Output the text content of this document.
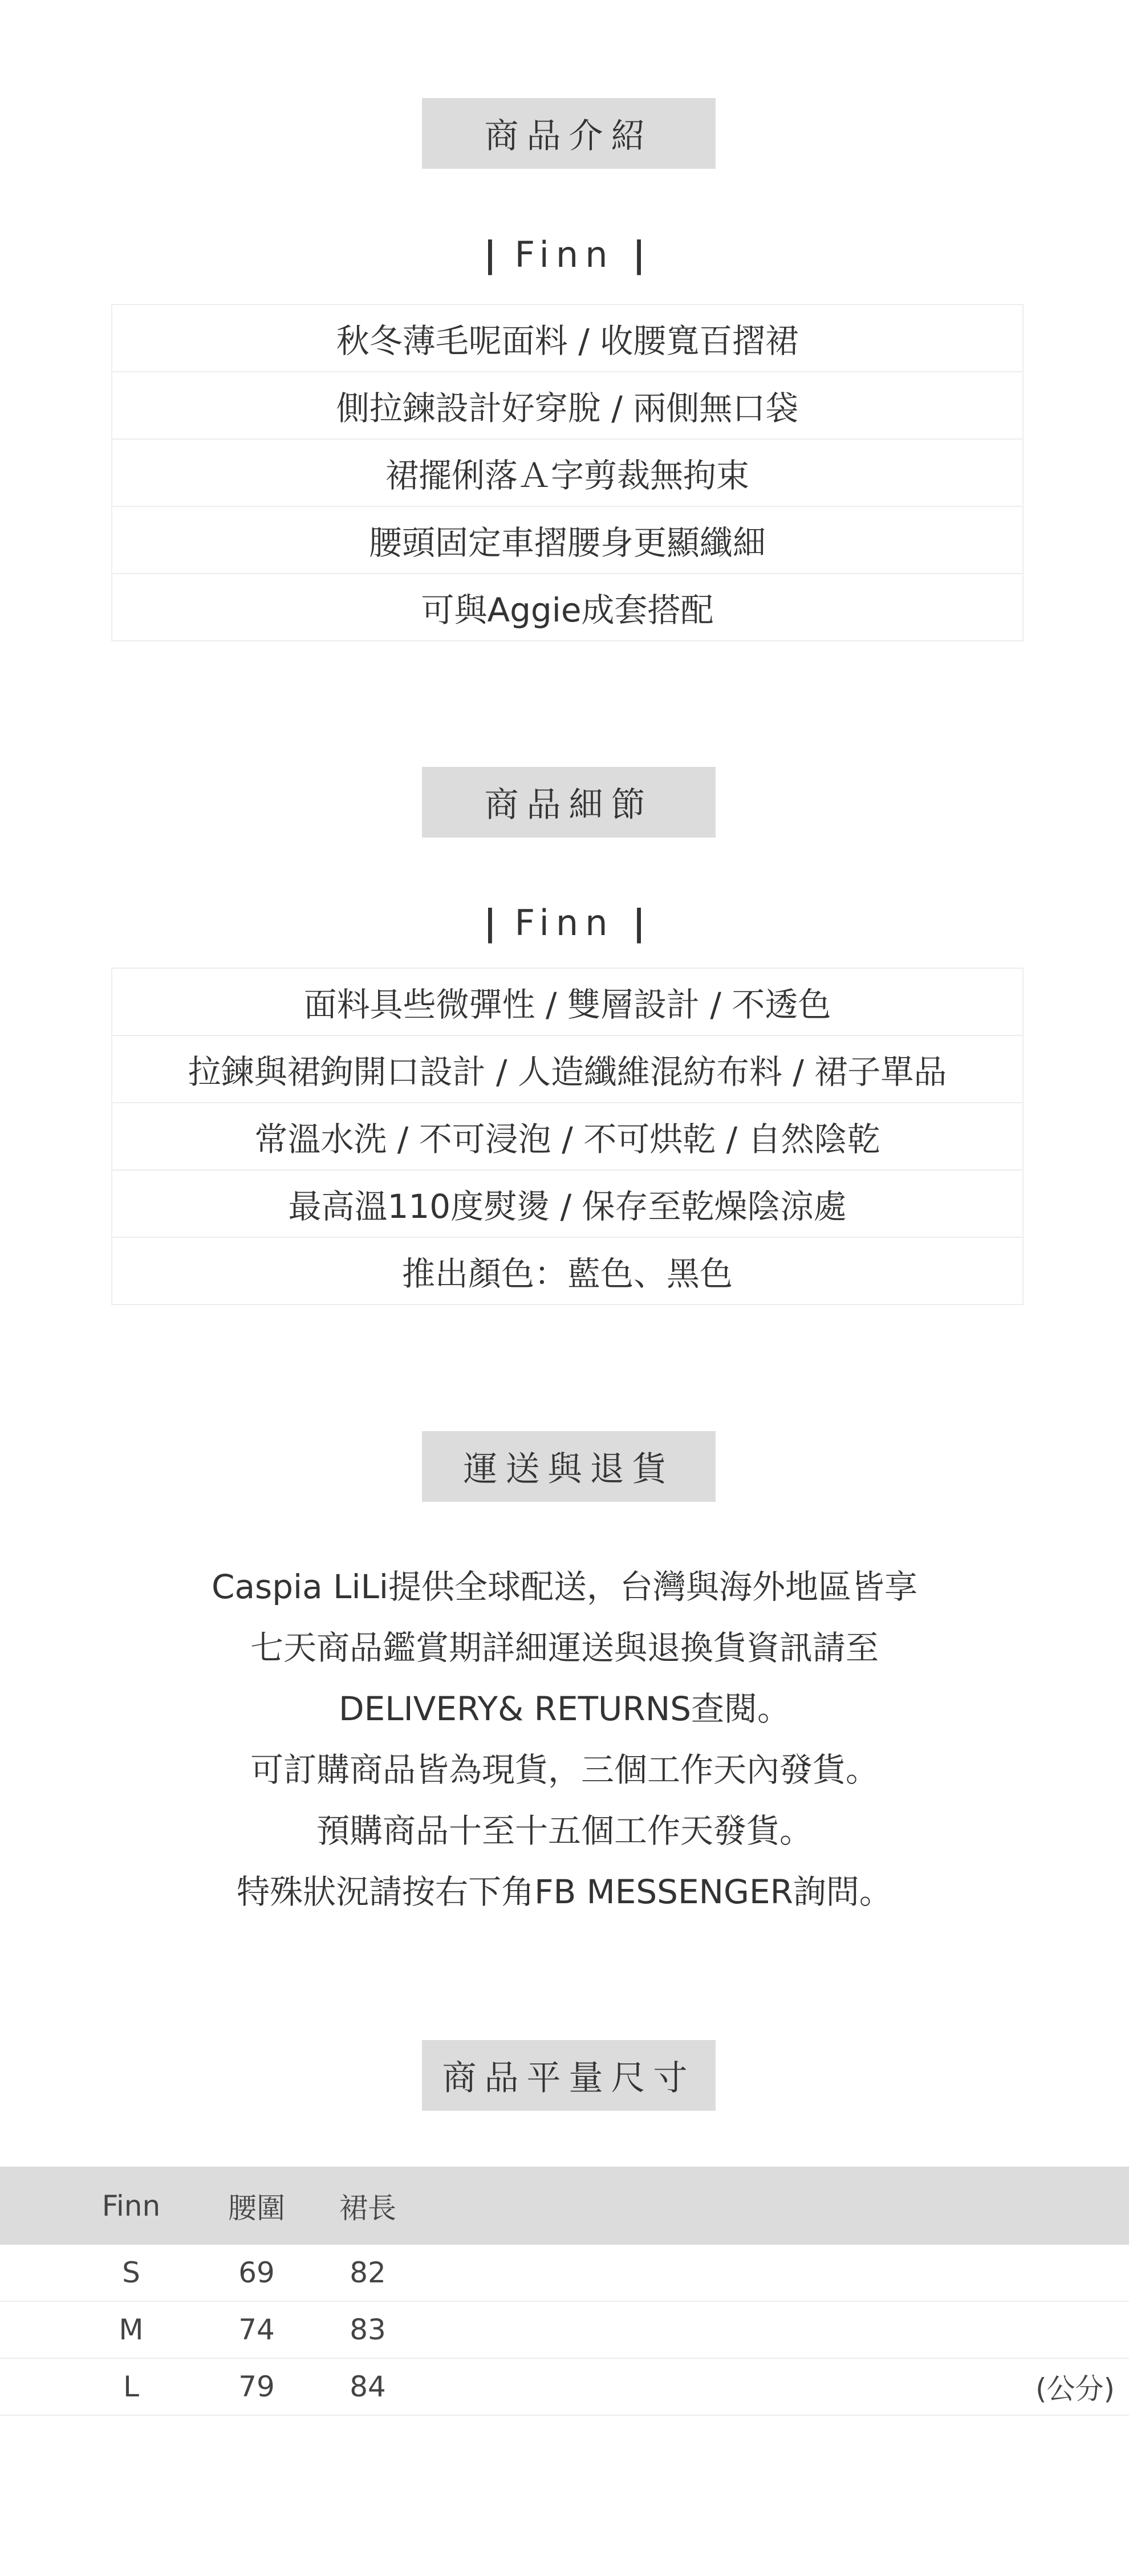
商品介紹
| Finn |
秋冬薄毛呢面料 / 收腰寬百摺裙
側拉鍊設計好穿脫 / 兩側無口袋
裙擺俐落Ａ字剪裁無拘束
腰頭固定車摺腰身更顯纖細
可與Aggie成套搭配
商品細節
| Finn |
面料具些微彈性 / 雙層設計 / 不透色
拉鍊與裙鉤開口設計 / 人造纖維混紡布料 / 裙子單品
常溫水洗 / 不可浸泡 / 不可烘乾 / 自然陰乾
最高溫110度熨燙 / 保存至乾燥陰涼處
推出顏色：藍色、黑色
運送與退貨
Caspia LiLi提供全球配送，台灣與海外地區皆享
七天商品鑑賞期詳細運送與退換貨資訊請至
DELIVERY& RETURNS查閱。
可訂購商品皆為現貨，三個工作天內發貨。
預購商品十至十五個工作天發貨。
特殊狀況請按右下角FB MESSENGER詢問。
商品平量尺寸
Finn	腰圍	裙長
S	69	82
M	74	83
L	79	84	(公分)
